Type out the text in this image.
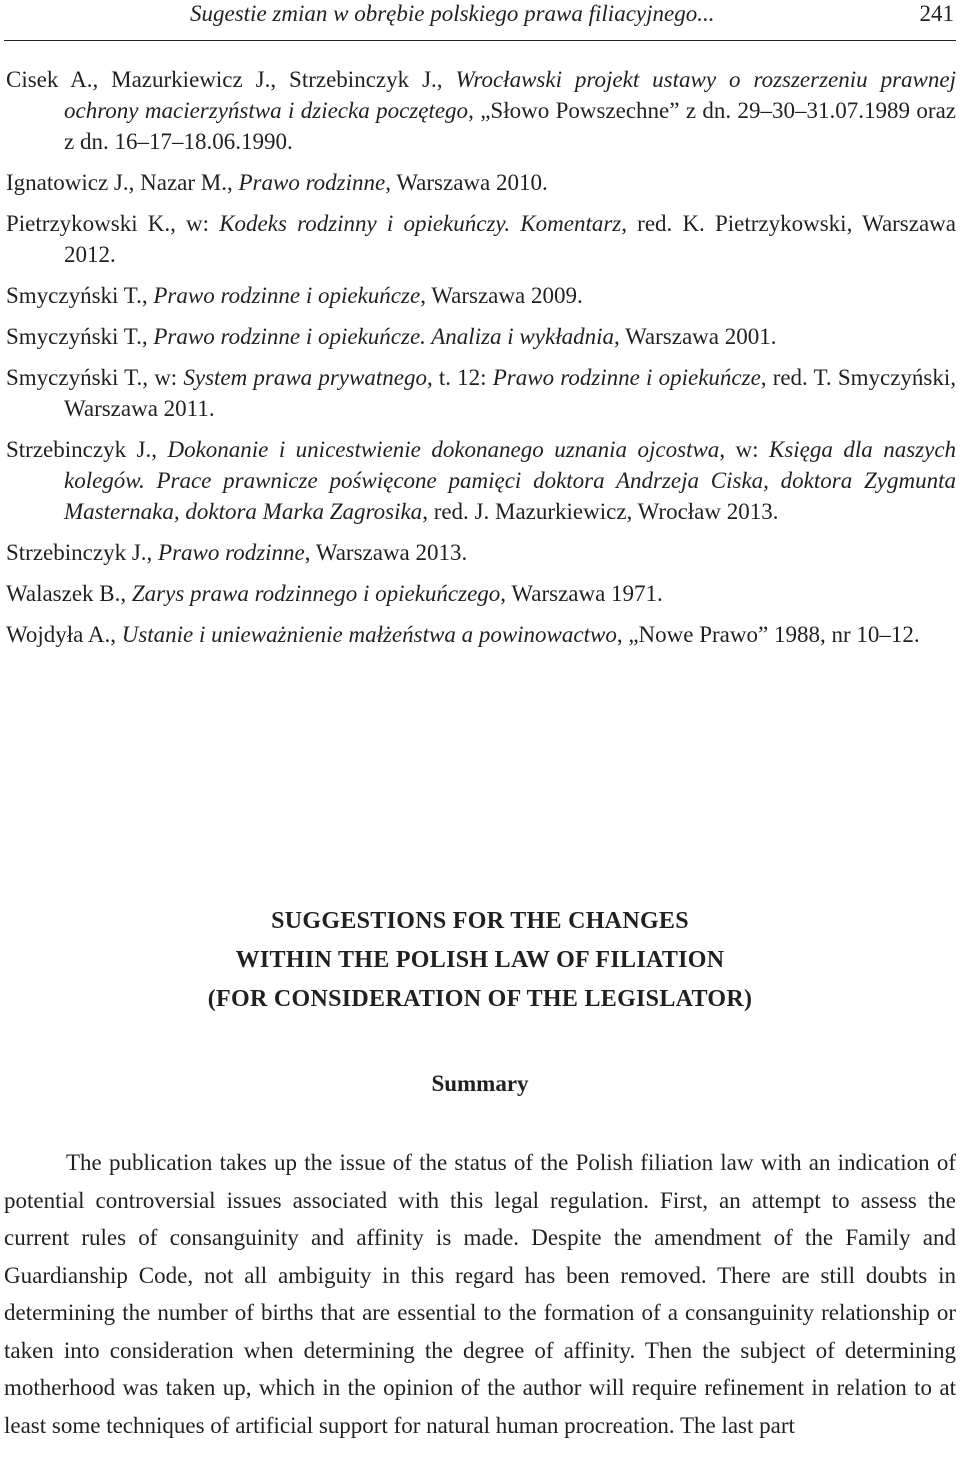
Sugestie zmian w obrębie polskiego prawa filiacyjnego...	241

Cisek A., Mazurkiewicz J., Strzebinczyk J., Wrocławski projekt ustawy o rozszerzeniu prawnej ochrony macierzyństwa i dziecka poczętego, „Słowo Powszechne” z dn. 29–30–31.07.1989 oraz z dn. 16–17–18.06.1990.

Ignatowicz J., Nazar M., Prawo rodzinne, Warszawa 2010.

Pietrzykowski K., w: Kodeks rodzinny i opiekuńczy. Komentarz, red. K. Pietrzykowski, Warszawa 2012.

Smyczyński T., Prawo rodzinne i opiekuńcze, Warszawa 2009.

Smyczyński T., Prawo rodzinne i opiekuńcze. Analiza i wykładnia, Warszawa 2001.

Smyczyński T., w: System prawa prywatnego, t. 12: Prawo rodzinne i opiekuńcze, red. T. Smyczyński, Warszawa 2011.

Strzebinczyk J., Dokonanie i unicestwienie dokonanego uznania ojcostwa, w: Księga dla naszych kolegów. Prace prawnicze poświęcone pamięci doktora Andrzeja Ciska, doktora Zygmunta Masternaka, doktora Marka Zagrosika, red. J. Mazurkiewicz, Wrocław 2013.

Strzebinczyk J., Prawo rodzinne, Warszawa 2013.

Walaszek B., Zarys prawa rodzinnego i opiekuńczego, Warszawa 1971.

Wojdyła A., Ustanie i unieważnienie małżeństwa a powinowactwo, „Nowe Prawo” 1988, nr 10–12.

SUGGESTIONS FOR THE CHANGES
WITHIN THE POLISH LAW OF FILIATION
(FOR CONSIDERATION OF THE LEGISLATOR)
Summary

The publication takes up the issue of the status of the Polish filiation law with an indication of potential controversial issues associated with this legal regulation. First, an attempt to assess the current rules of consanguinity and affinity is made. Despite the amendment of the Family and Guardianship Code, not all ambiguity in this regard has been removed. There are still doubts in determining the number of births that are essential to the formation of a consanguinity relationship or taken into consideration when determining the degree of affinity. Then the subject of determining motherhood was taken up, which in the opinion of the author will require refinement in relation to at least some techniques of artificial support for natural human procreation. The last part
